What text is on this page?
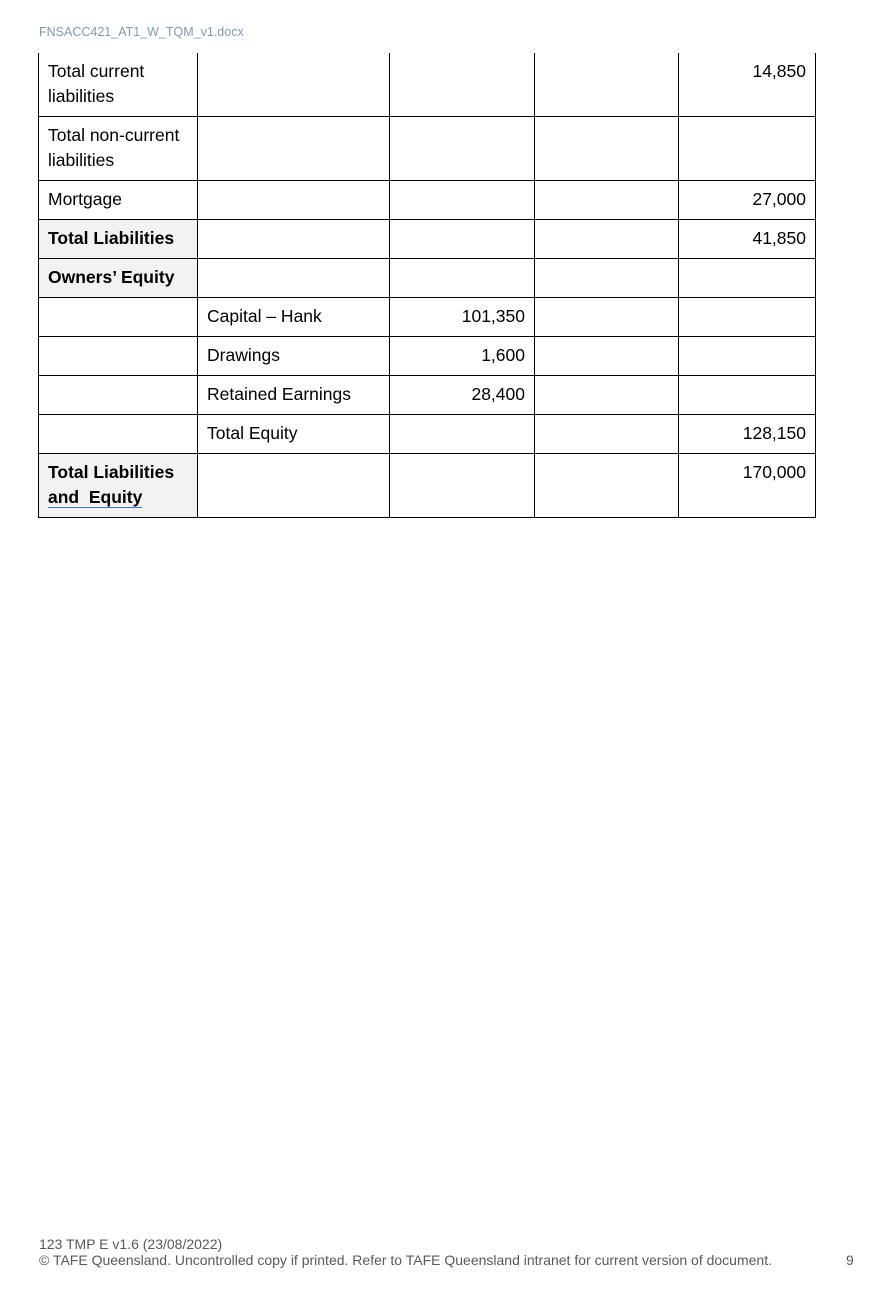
FNSACC421_AT1_W_TQM_v1.docx
Total current
liabilities				14,850
Total non-current
liabilities				
Mortgage				27,000
Total Liabilities				41,850
Owners’ Equity				
	Capital – Hank	101,350		
	Drawings	1,600		
	Retained Earnings	28,400		
	Total Equity			128,150
Total Liabilities
and  Equity				170,000
123 TMP E v1.6 (23/08/2022)
© TAFE Queensland. Uncontrolled copy if printed. Refer to TAFE Queensland intranet for current version of document.	9
